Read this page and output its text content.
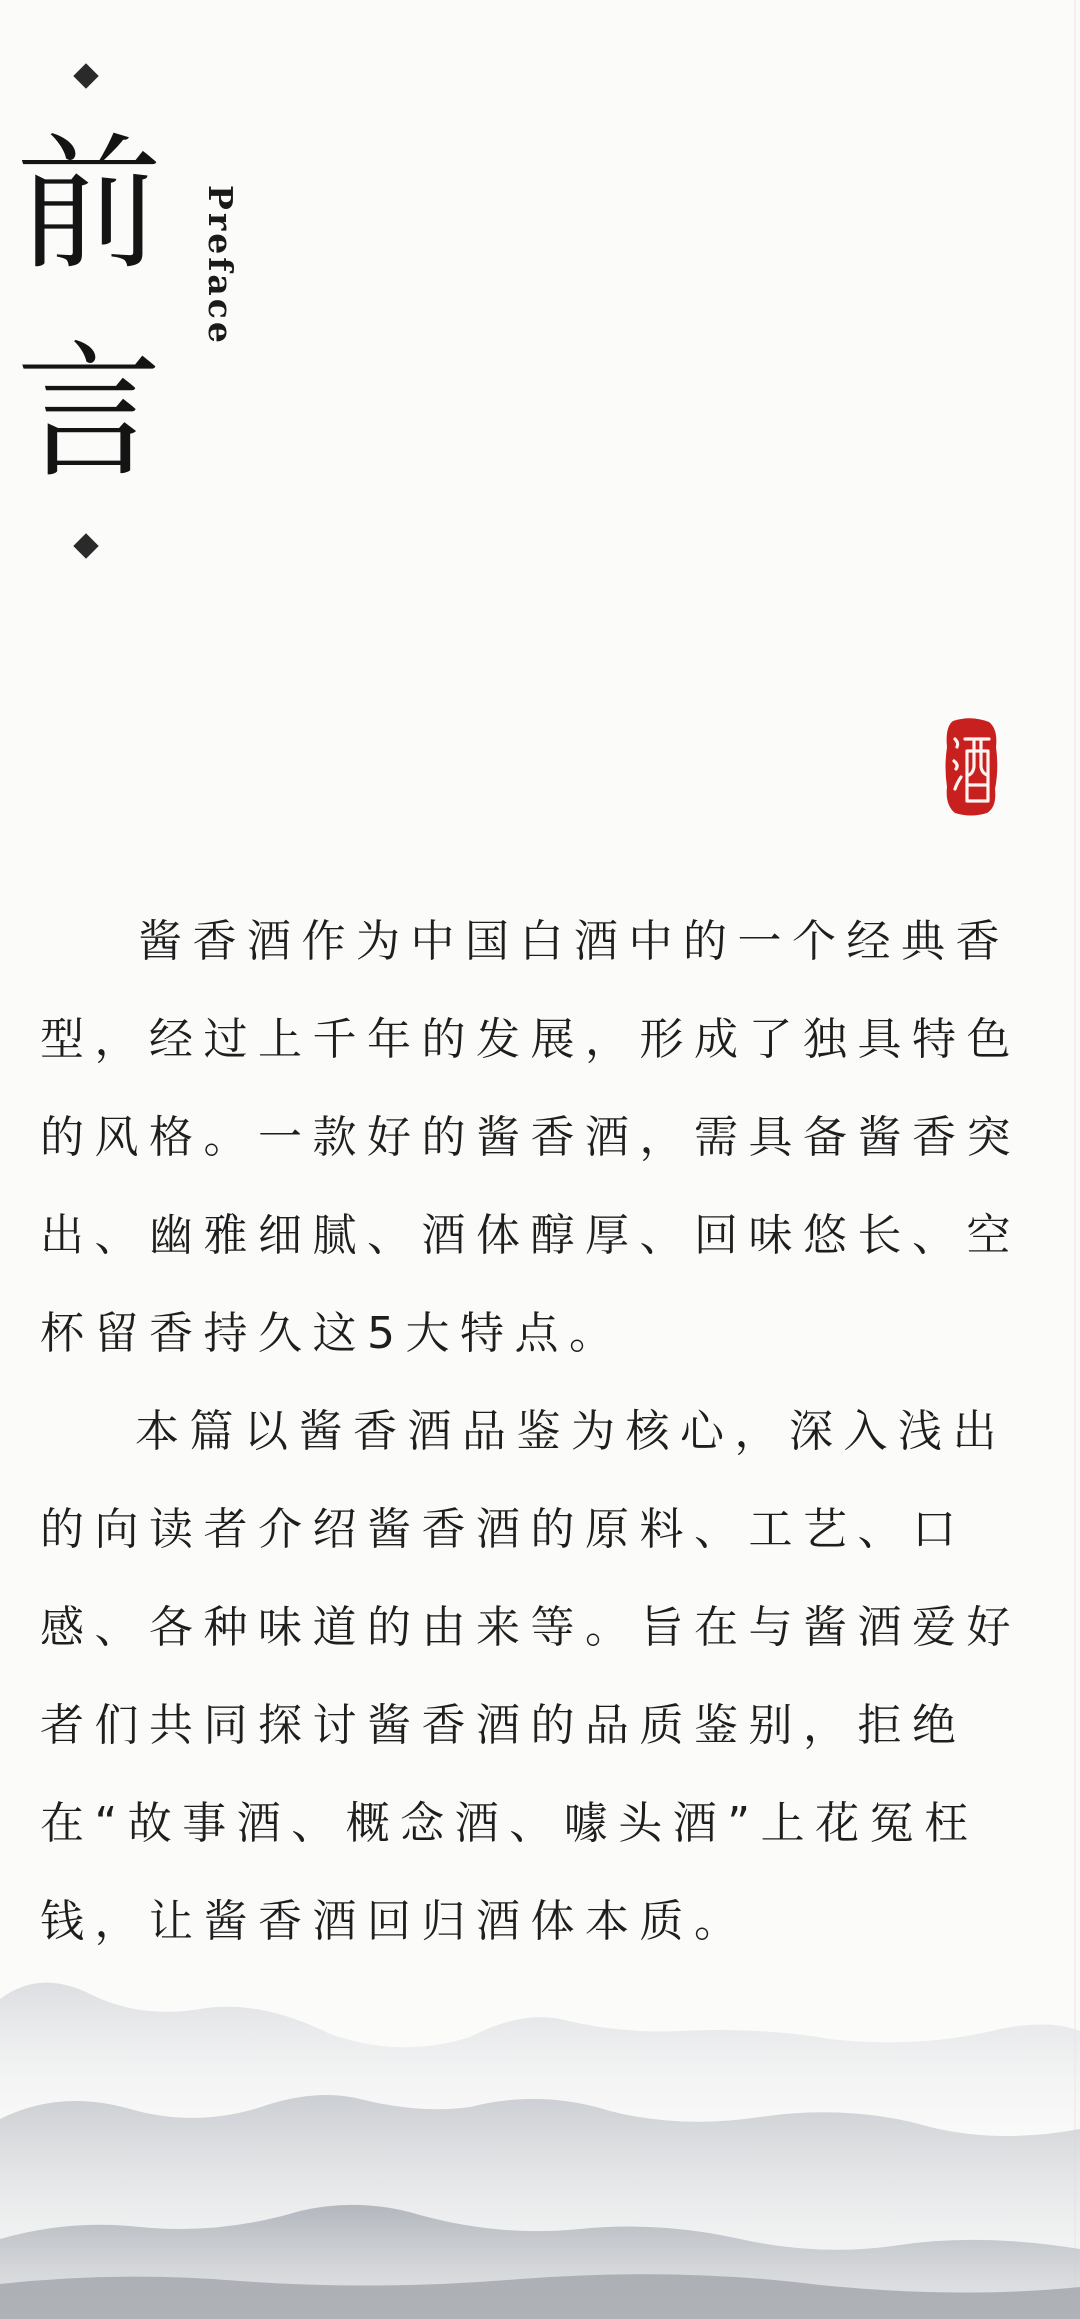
前
言
Preface

酱香酒作为中国白酒中的一个经典香型，经过上千年的发展，形成了独具特色的风格。一款好的酱香酒，需具备酱香突出、幽雅细腻、酒体醇厚、回味悠长、空杯留香持久这5大特点。

本篇以酱香酒品鉴为核心，深入浅出的向读者介绍酱香酒的原料、工艺、口感、各种味道的由来等。旨在与酱酒爱好者们共同探讨酱香酒的品质鉴别，拒绝在“故事酒、概念酒、噱头酒”上花冤枉钱，让酱香酒回归酒体本质。
